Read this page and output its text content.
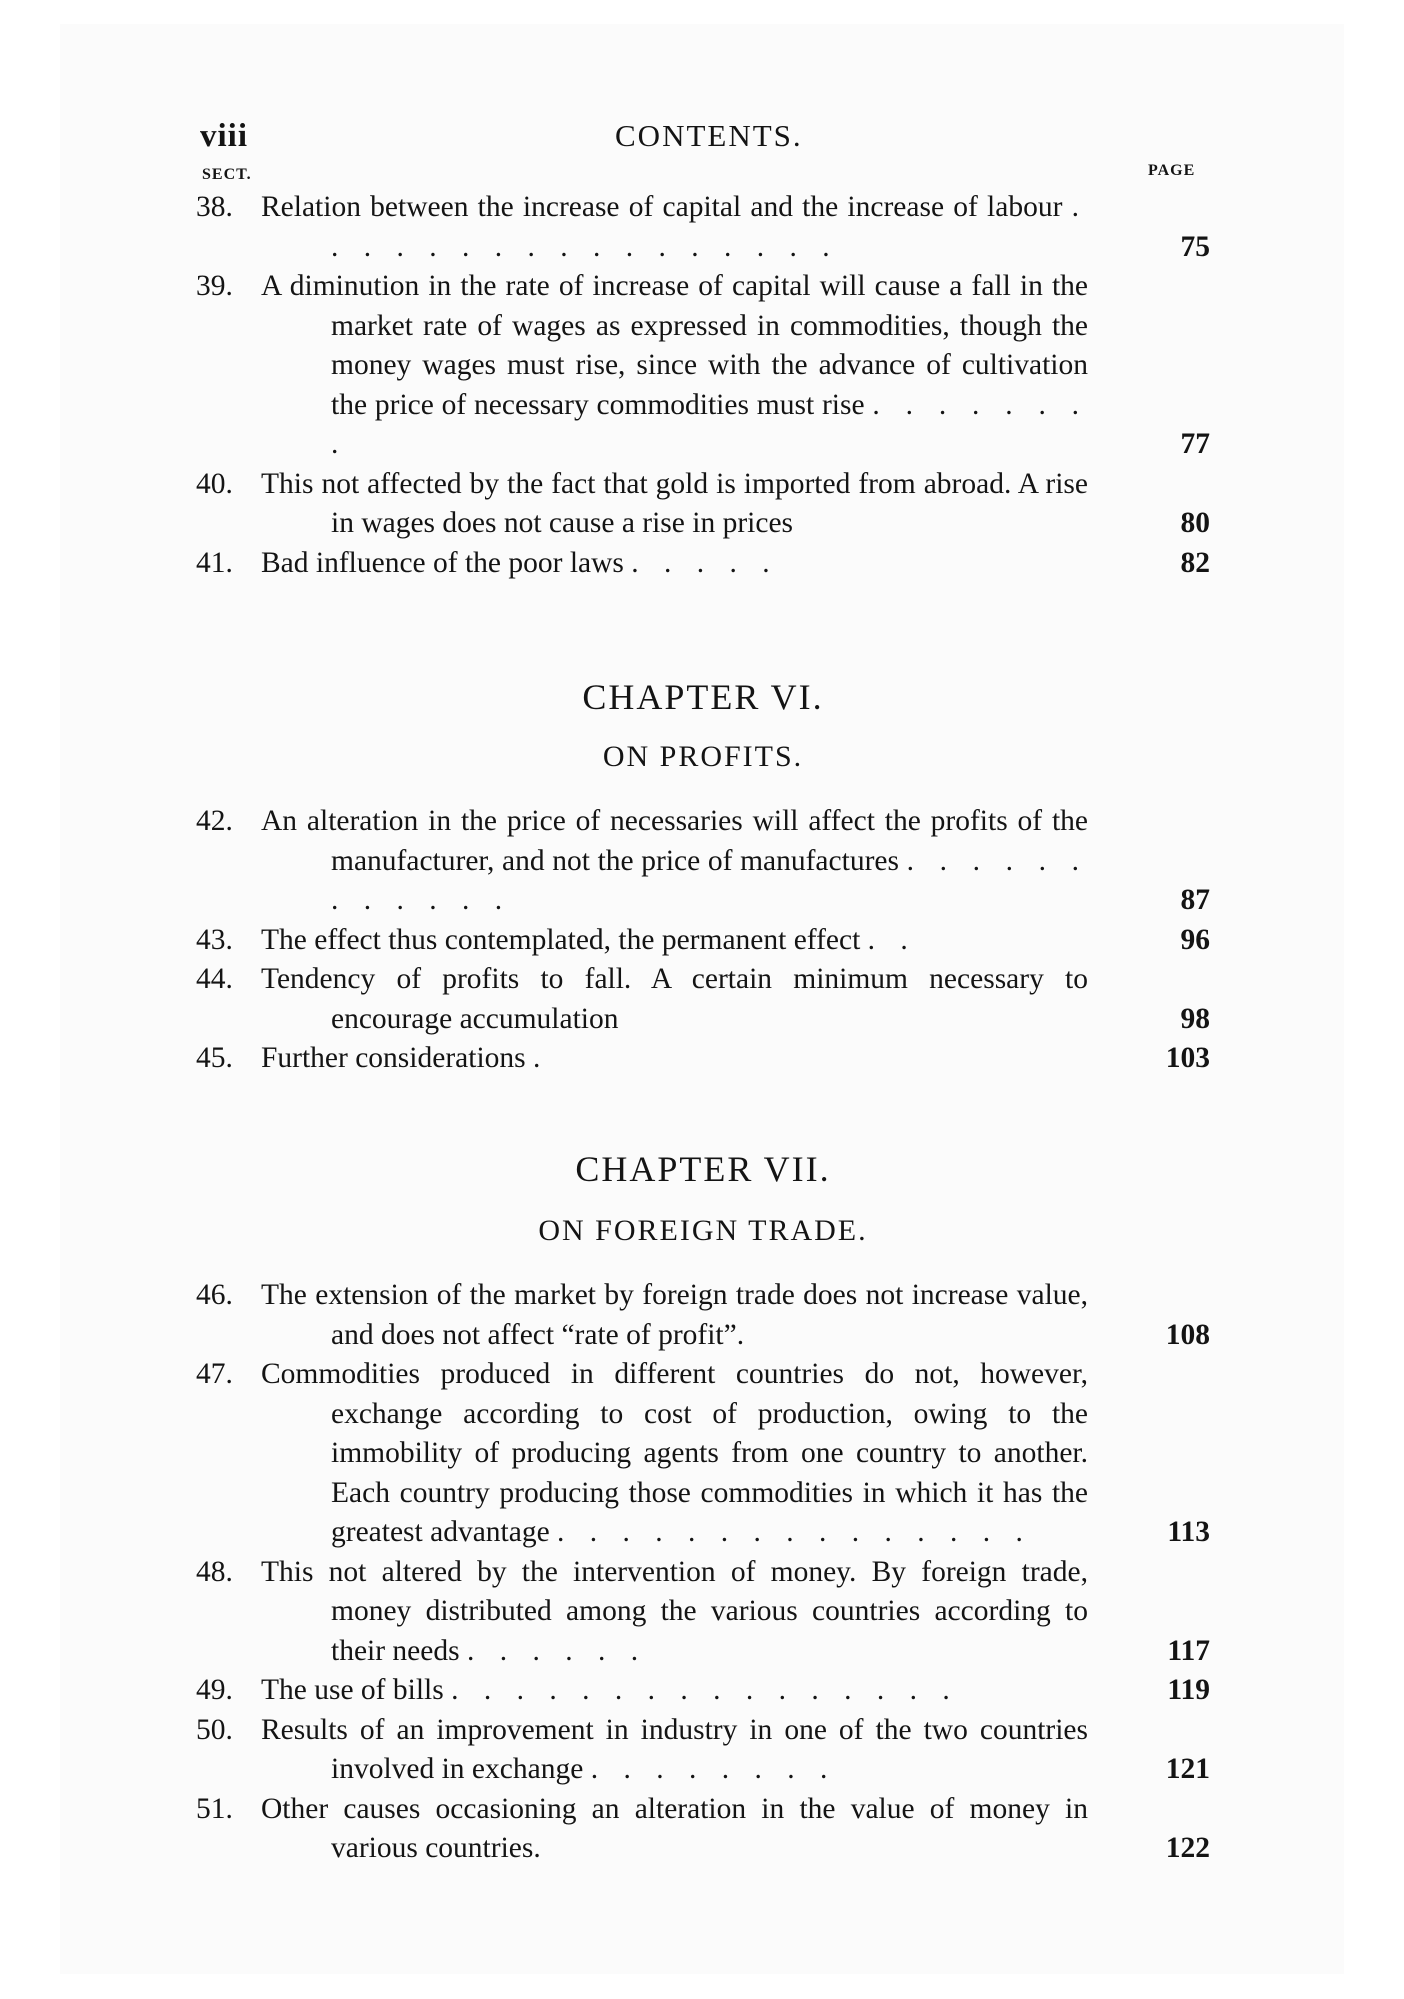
viii	CONTENTS.
SECT.	PAGE
38. Relation between the increase of capital and the increase of labour . . . . . . . . . . . . . . . . .	75
39. A diminution in the rate of increase of capital will cause a fall in the market rate of wages as expressed in commodities, though the money wages must rise, since with the advance of cultivation the price of necessary commodities must rise . . . . . . . .	77
40. This not affected by the fact that gold is imported from abroad. A rise in wages does not cause a rise in prices	80
41. Bad influence of the poor laws . . . . .	82
CHAPTER VI.
ON PROFITS.
42. An alteration in the price of necessaries will affect the profits of the manufacturer, and not the price of manufactures . . . . . . . . . . . .	87
43. The effect thus contemplated, the permanent effect . .	96
44. Tendency of profits to fall. A certain minimum necessary to encourage accumulation	98
45. Further considerations .	103
CHAPTER VII.
ON FOREIGN TRADE.
46. The extension of the market by foreign trade does not increase value, and does not affect “rate of profit”.	108
47. Commodities produced in different countries do not, however, exchange according to cost of production, owing to the immobility of producing agents from one country to another. Each country producing those commodities in which it has the greatest advantage . . . . . . . . . . . . . . .	113
48. This not altered by the intervention of money. By foreign trade, money distributed among the various countries according to their needs . . . . . .	117
49. The use of bills . . . . . . . . . . . . . . . .	119
50. Results of an improvement in industry in one of the two countries involved in exchange . . . . . . . .	121
51. Other causes occasioning an alteration in the value of money in various countries.	122
